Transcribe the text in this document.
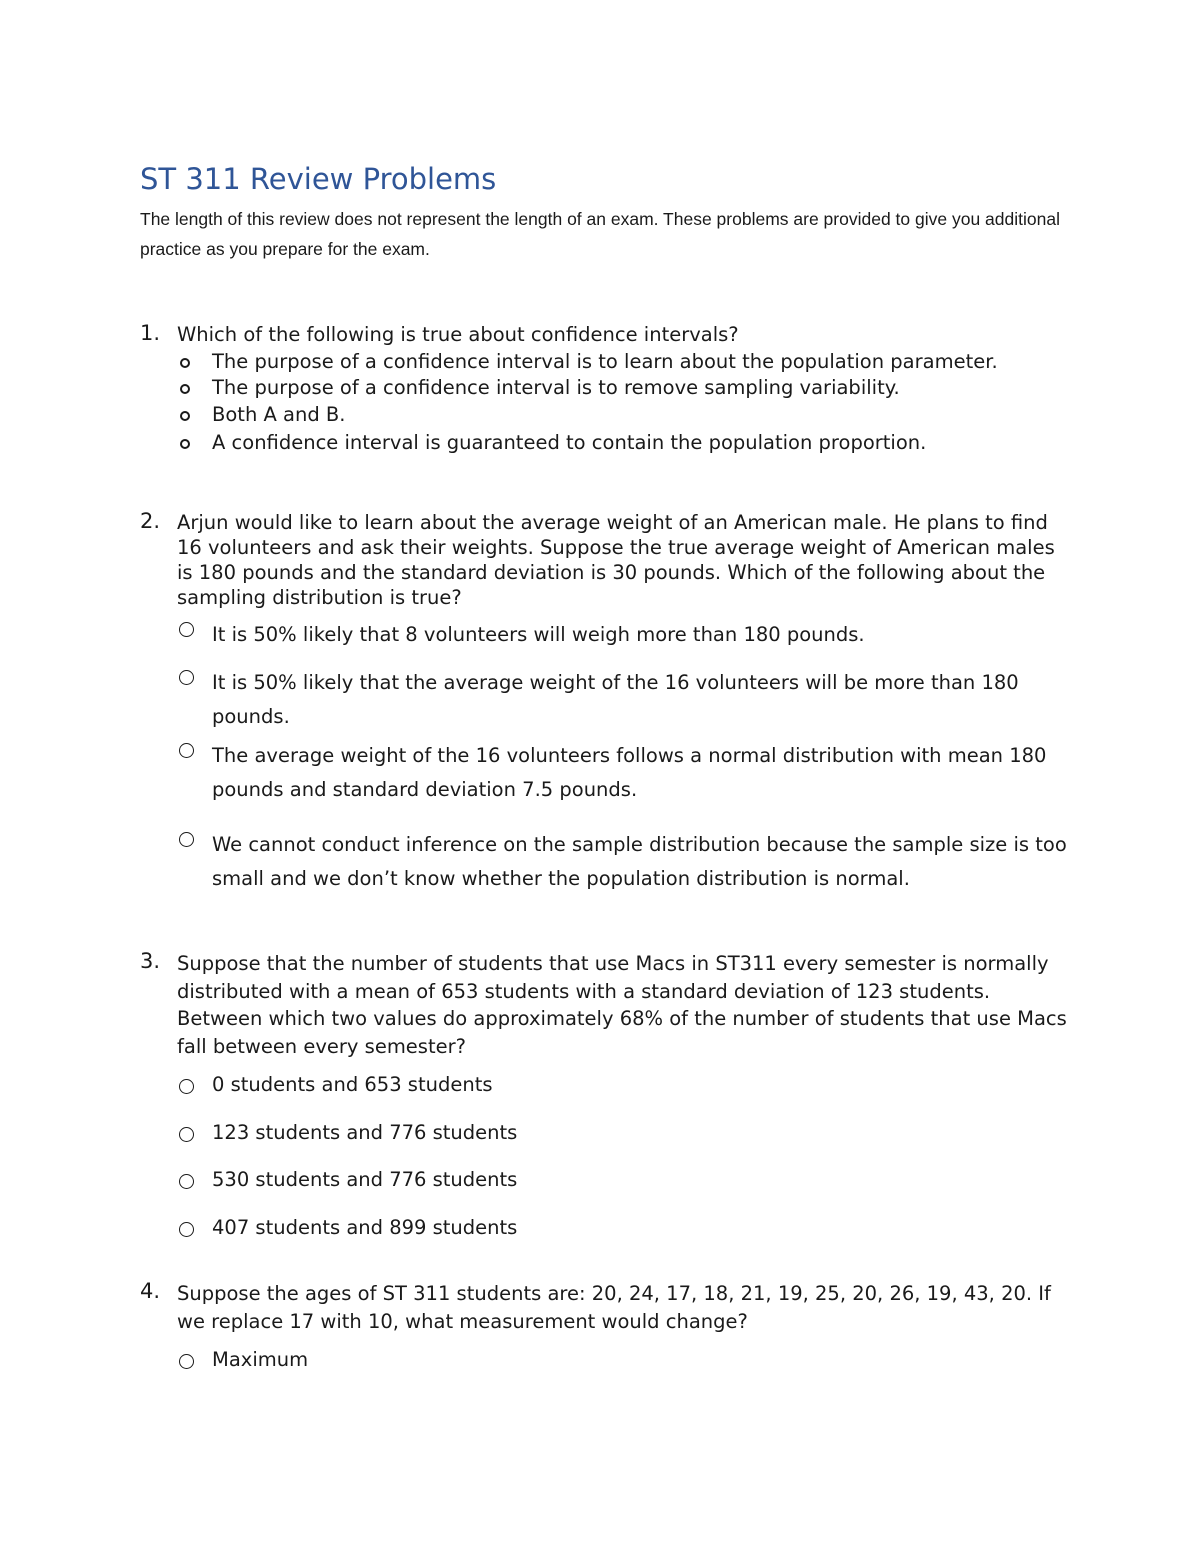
ST 311 Review Problems

The length of this review does not represent the length of an exam. These problems are provided to give you additional practice as you prepare for the exam.

1. Which of the following is true about confidence intervals?
The purpose of a confidence interval is to learn about the population parameter.
The purpose of a confidence interval is to remove sampling variability.
Both A and B.
A confidence interval is guaranteed to contain the population proportion.
2. Arjun would like to learn about the average weight of an American male. He plans to find 16 volunteers and ask their weights. Suppose the true average weight of American males is 180 pounds and the standard deviation is 30 pounds. Which of the following about the sampling distribution is true?
It is 50% likely that 8 volunteers will weigh more than 180 pounds.
It is 50% likely that the average weight of the 16 volunteers will be more than 180 pounds.
The average weight of the 16 volunteers follows a normal distribution with mean 180 pounds and standard deviation 7.5 pounds.
We cannot conduct inference on the sample distribution because the sample size is too small and we don’t know whether the population distribution is normal.
3. Suppose that the number of students that use Macs in ST311 every semester is normally distributed with a mean of 653 students with a standard deviation of 123 students. Between which two values do approximately 68% of the number of students that use Macs fall between every semester?
0 students and 653 students
123 students and 776 students
530 students and 776 students
407 students and 899 students
4. Suppose the ages of ST 311 students are: 20, 24, 17, 18, 21, 19, 25, 20, 26, 19, 43, 20. If we replace 17 with 10, what measurement would change?
Maximum
